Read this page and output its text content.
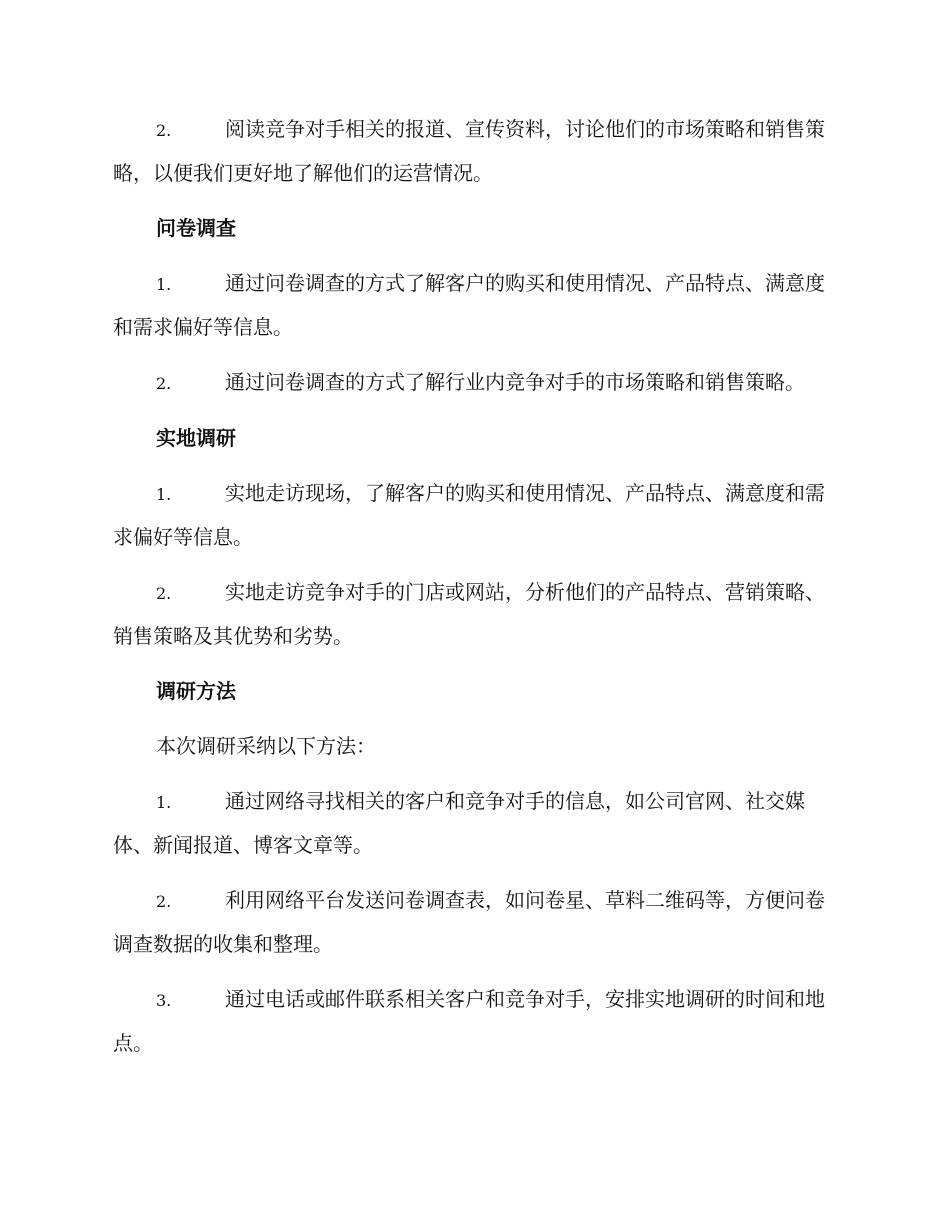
2.	阅读竞争对手相关的报道、宣传资料，讨论他们的市场策略和销售策略，以便我们更好地了解他们的运营情况。

问卷调查

1.	通过问卷调查的方式了解客户的购买和使用情况、产品特点、满意度和需求偏好等信息。

2.	通过问卷调查的方式了解行业内竞争对手的市场策略和销售策略。

实地调研

1.	实地走访现场，了解客户的购买和使用情况、产品特点、满意度和需求偏好等信息。

2.	实地走访竞争对手的门店或网站，分析他们的产品特点、营销策略、销售策略及其优势和劣势。

调研方法

本次调研采纳以下方法：

1.	通过网络寻找相关的客户和竞争对手的信息，如公司官网、社交媒体、新闻报道、博客文章等。

2.	利用网络平台发送问卷调查表，如问卷星、草料二维码等，方便问卷调查数据的收集和整理。

3.	通过电话或邮件联系相关客户和竞争对手，安排实地调研的时间和地点。
